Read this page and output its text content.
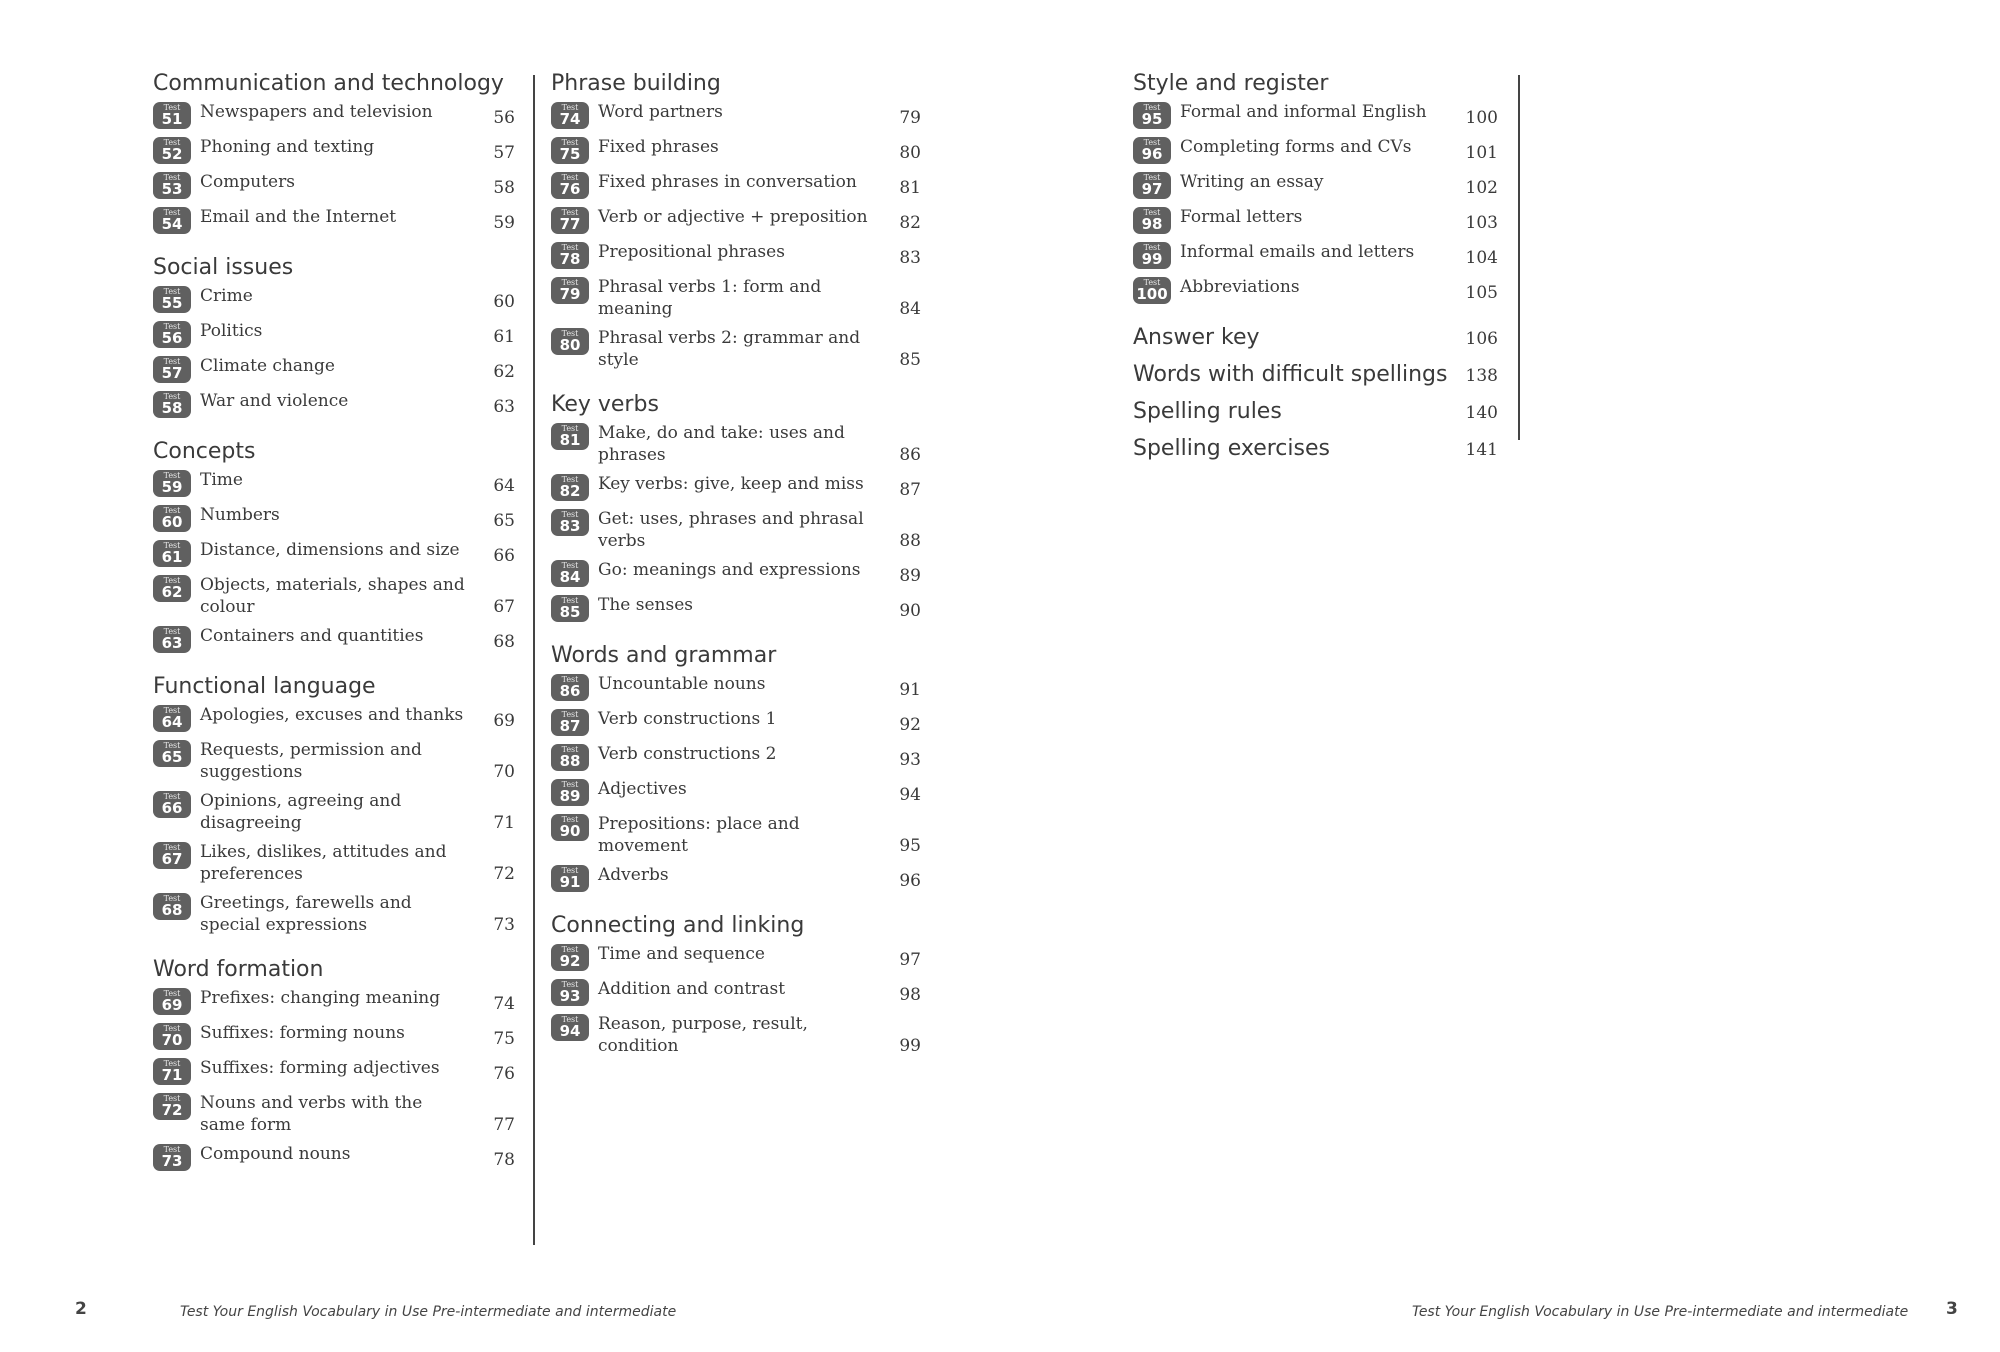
Communication and technology
Test
51 Newspapers and television	56
Test
52 Phoning and texting	57
Test
53 Computers	58
Test
54 Email and the Internet	59
Social issues
Test
55 Crime	60
Test
56 Politics	61
Test
57 Climate change	62
Test
58 War and violence	63
Concepts
Test
59 Time	64
Test
60 Numbers	65
Test
61 Distance, dimensions and size	66
Test
62 Objects, materials, shapes and colour	67
Test
63 Containers and quantities	68
Functional language
Test
64 Apologies, excuses and thanks	69
Test
65 Requests, permission and suggestions	70
Test
66 Opinions, agreeing and disagreeing	71
Test
67 Likes, dislikes, attitudes and preferences	72
Test
68 Greetings, farewells and special expressions	73
Word formation
Test
69 Prefixes: changing meaning	74
Test
70 Suffixes: forming nouns	75
Test
71 Suffixes: forming adjectives	76
Test
72 Nouns and verbs with the same form	77
Test
73 Compound nouns	78
Phrase building
Test
74 Word partners	79
Test
75 Fixed phrases	80
Test
76 Fixed phrases in conversation	81
Test
77 Verb or adjective + preposition	82
Test
78 Prepositional phrases	83
Test
79 Phrasal verbs 1: form and meaning	84
Test
80 Phrasal verbs 2: grammar and style	85
Key verbs
Test
81 Make, do and take: uses and phrases	86
Test
82 Key verbs: give, keep and miss	87
Test
83 Get: uses, phrases and phrasal verbs	88
Test
84 Go: meanings and expressions	89
Test
85 The senses	90
Words and grammar
Test
86 Uncountable nouns	91
Test
87 Verb constructions 1	92
Test
88 Verb constructions 2	93
Test
89 Adjectives	94
Test
90 Prepositions: place and movement	95
Test
91 Adverbs	96
Connecting and linking
Test
92 Time and sequence	97
Test
93 Addition and contrast	98
Test
94 Reason, purpose, result, condition	99
Style and register
Test
95 Formal and informal English	100
Test
96 Completing forms and CVs	101
Test
97 Writing an essay	102
Test
98 Formal letters	103
Test
99 Informal emails and letters	104
Test
100 Abbreviations	105
Answer key	106
Words with difficult spellings	138
Spelling rules	140
Spelling exercises	141
2	Test Your English Vocabulary in Use Pre-intermediate and intermediate	Test Your English Vocabulary in Use Pre-intermediate and intermediate 3
